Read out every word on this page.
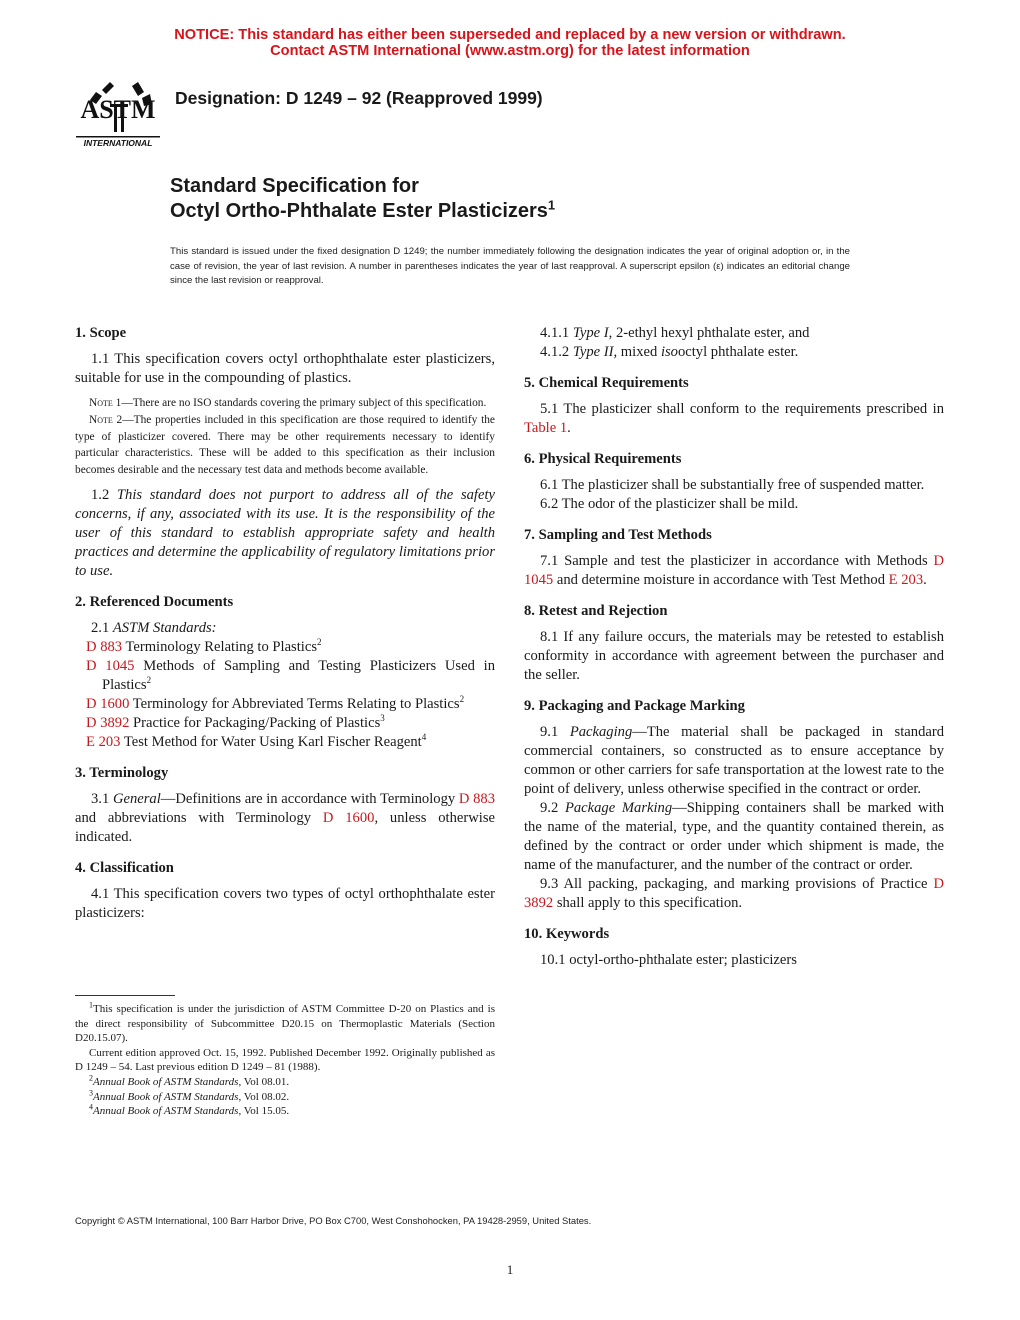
NOTICE: This standard has either been superseded and replaced by a new version or withdrawn.
Contact ASTM International (www.astm.org) for the latest information
ASTM
INTERNATIONAL
Designation: D 1249 – 92 (Reapproved 1999)
Standard Specification for
Octyl Ortho-Phthalate Ester Plasticizers$^1$
This standard is issued under the fixed designation D 1249; the number immediately following the designation indicates the year of original adoption or, in the case of revision, the year of last revision. A number in parentheses indicates the year of last reapproval. A superscript epsilon (ε) indicates an editorial change since the last revision or reapproval.
1. Scope

1.1 This specification covers octyl orthophthalate ester plasticizers, suitable for use in the compounding of plastics.

Note 1—There are no ISO standards covering the primary subject of this specification.

Note 2—The properties included in this specification are those required to identify the type of plasticizer covered. There may be other requirements necessary to identify particular characteristics. These will be added to this specification as their inclusion becomes desirable and the necessary test data and methods become available.

1.2 This standard does not purport to address all of the safety concerns, if any, associated with its use. It is the responsibility of the user of this standard to establish appropriate safety and health practices and determine the applicability of regulatory limitations prior to use.

2. Referenced Documents

2.1 ASTM Standards:

D 883 Terminology Relating to Plastics$^2$

D 1045 Methods of Sampling and Testing Plasticizers Used in Plastics$^2$

D 1600 Terminology for Abbreviated Terms Relating to Plastics$^2$

D 3892 Practice for Packaging/Packing of Plastics$^3$

E 203 Test Method for Water Using Karl Fischer Reagent$^4$

3. Terminology

3.1 General—Definitions are in accordance with Terminology D 883 and abbreviations with Terminology D 1600, unless otherwise indicated.

4. Classification

4.1 This specification covers two types of octyl orthophthalate ester plasticizers:

4.1.1 Type I, 2-ethyl hexyl phthalate ester, and

4.1.2 Type II, mixed isooctyl phthalate ester.

5. Chemical Requirements

5.1 The plasticizer shall conform to the requirements prescribed in Table 1.

6. Physical Requirements

6.1 The plasticizer shall be substantially free of suspended matter.

6.2 The odor of the plasticizer shall be mild.

7. Sampling and Test Methods

7.1 Sample and test the plasticizer in accordance with Methods D 1045 and determine moisture in accordance with Test Method E 203.

8. Retest and Rejection

8.1 If any failure occurs, the materials may be retested to establish conformity in accordance with agreement between the purchaser and the seller.

9. Packaging and Package Marking

9.1 Packaging—The material shall be packaged in standard commercial containers, so constructed as to ensure acceptance by common or other carriers for safe transportation at the lowest rate to the point of delivery, unless otherwise specified in the contract or order.

9.2 Package Marking—Shipping containers shall be marked with the name of the material, type, and the quantity contained therein, as defined by the contract or order under which shipment is made, the name of the manufacturer, and the number of the contract or order.

9.3 All packing, packaging, and marking provisions of Practice D 3892 shall apply to this specification.

10. Keywords

10.1 octyl-ortho-phthalate ester; plasticizers

$^1$This specification is under the jurisdiction of ASTM Committee D-20 on Plastics and is the direct responsibility of Subcommittee D20.15 on Thermoplastic Materials (Section D20.15.07).

Current edition approved Oct. 15, 1992. Published December 1992. Originally published as D 1249 – 54. Last previous edition D 1249 – 81 (1988).

$^2$Annual Book of ASTM Standards, Vol 08.01.

$^3$Annual Book of ASTM Standards, Vol 08.02.

$^4$Annual Book of ASTM Standards, Vol 15.05.

Copyright © ASTM International, 100 Barr Harbor Drive, PO Box C700, West Conshohocken, PA 19428-2959, United States.
1
